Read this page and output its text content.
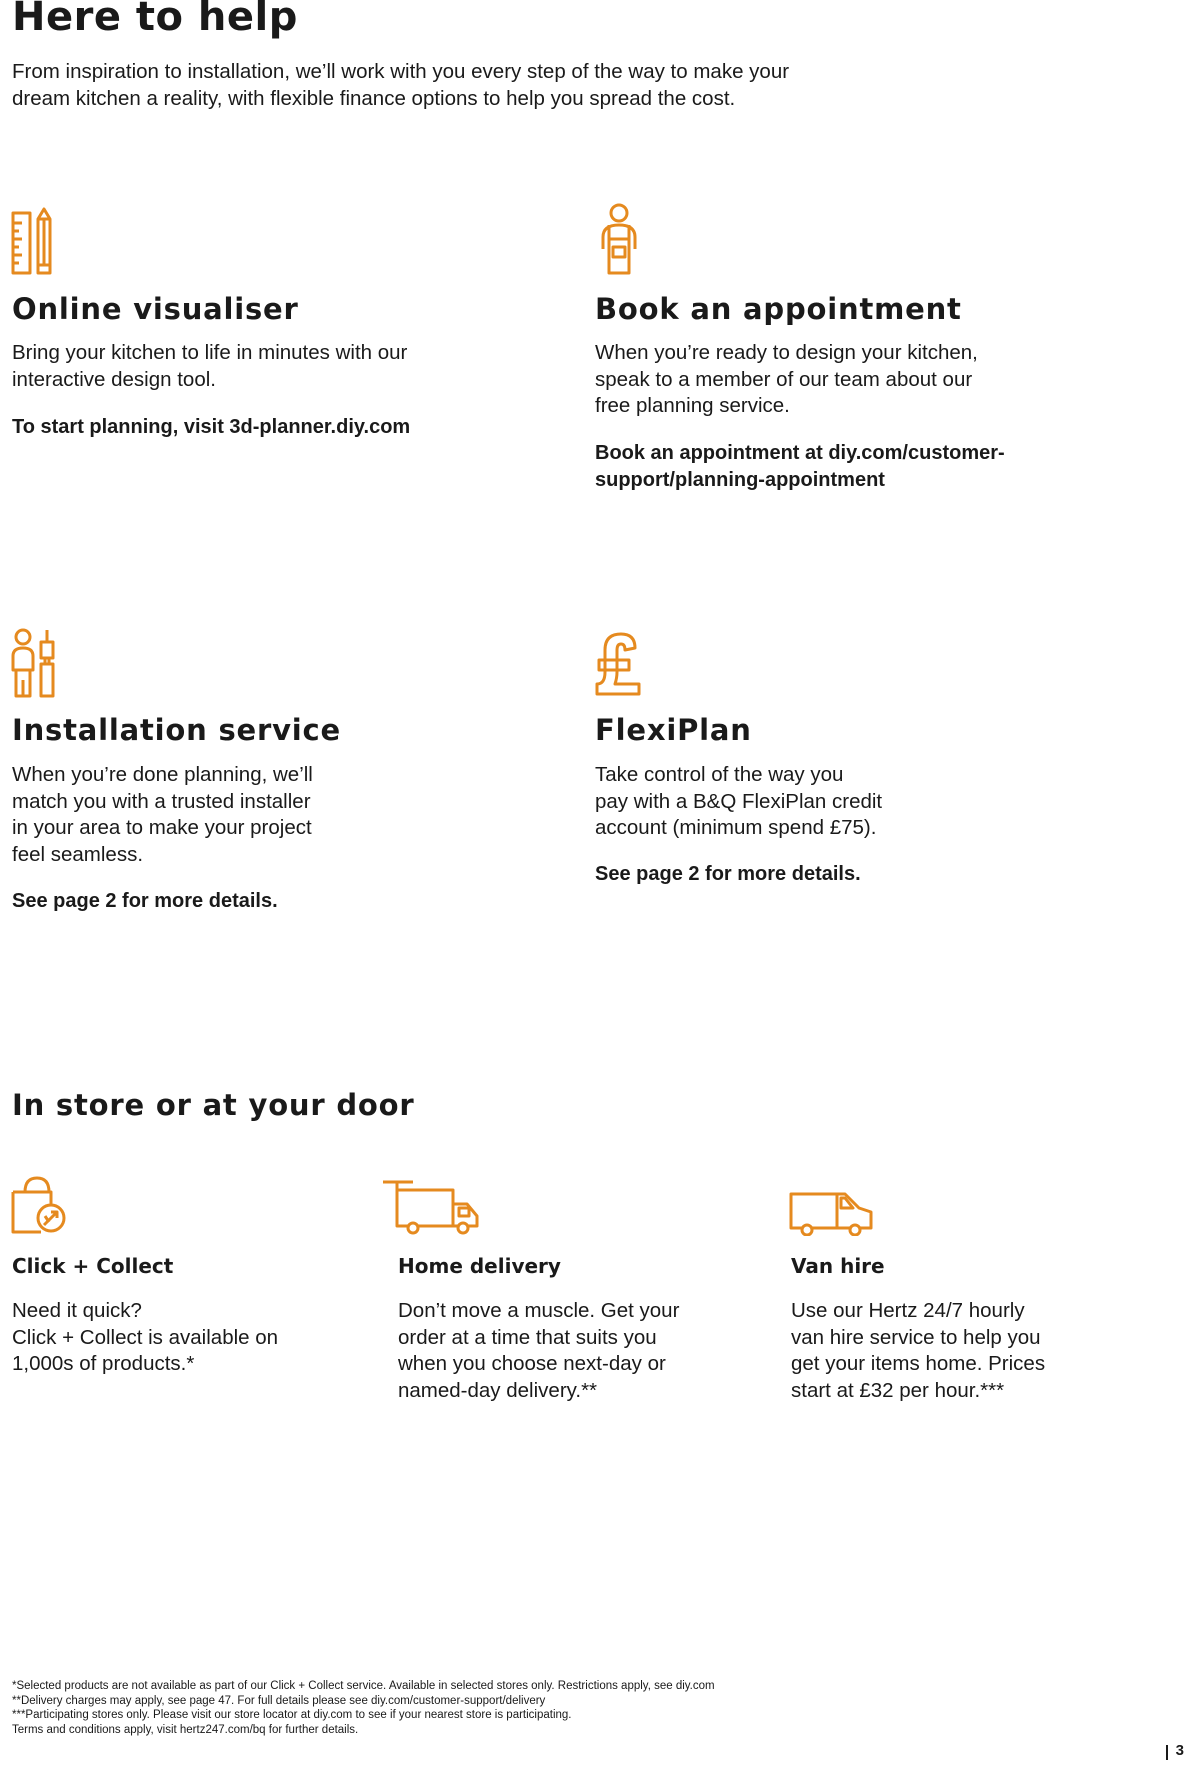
Here to help
From inspiration to installation, we’ll work with you every step of the way to make your
dream kitchen a reality, with flexible finance options to help you spread the cost.
Online visualiser
Bring your kitchen to life in minutes with our
interactive design tool.
To start planning, visit 3d-planner.diy.com
Book an appointment
When you’re ready to design your kitchen,
speak to a member of our team about our
free planning service.
Book an appointment at diy.com/customer-
support/planning-appointment
Installation service
When you’re done planning, we’ll
match you with a trusted installer
in your area to make your project
feel seamless.
See page 2 for more details.
FlexiPlan
Take control of the way you
pay with a B&Q FlexiPlan credit
account (minimum spend £75).
See page 2 for more details.
In store or at your door
Click + Collect
Need it quick?
Click + Collect is available on
1,000s of products.*
Home delivery
Don’t move a muscle. Get your
order at a time that suits you
when you choose next-day or
named-day delivery.**
Van hire
Use our Hertz 24/7 hourly
van hire service to help you
get your items home. Prices
start at £32 per hour.***
*Selected products are not available as part of our Click + Collect service. Available in selected stores only. Restrictions apply, see diy.com
**Delivery charges may apply, see page 47. For full details please see diy.com/customer-support/delivery
***Participating stores only. Please visit our store locator at diy.com to see if your nearest store is participating.
Terms and conditions apply, visit hertz247.com/bq for further details.
3
